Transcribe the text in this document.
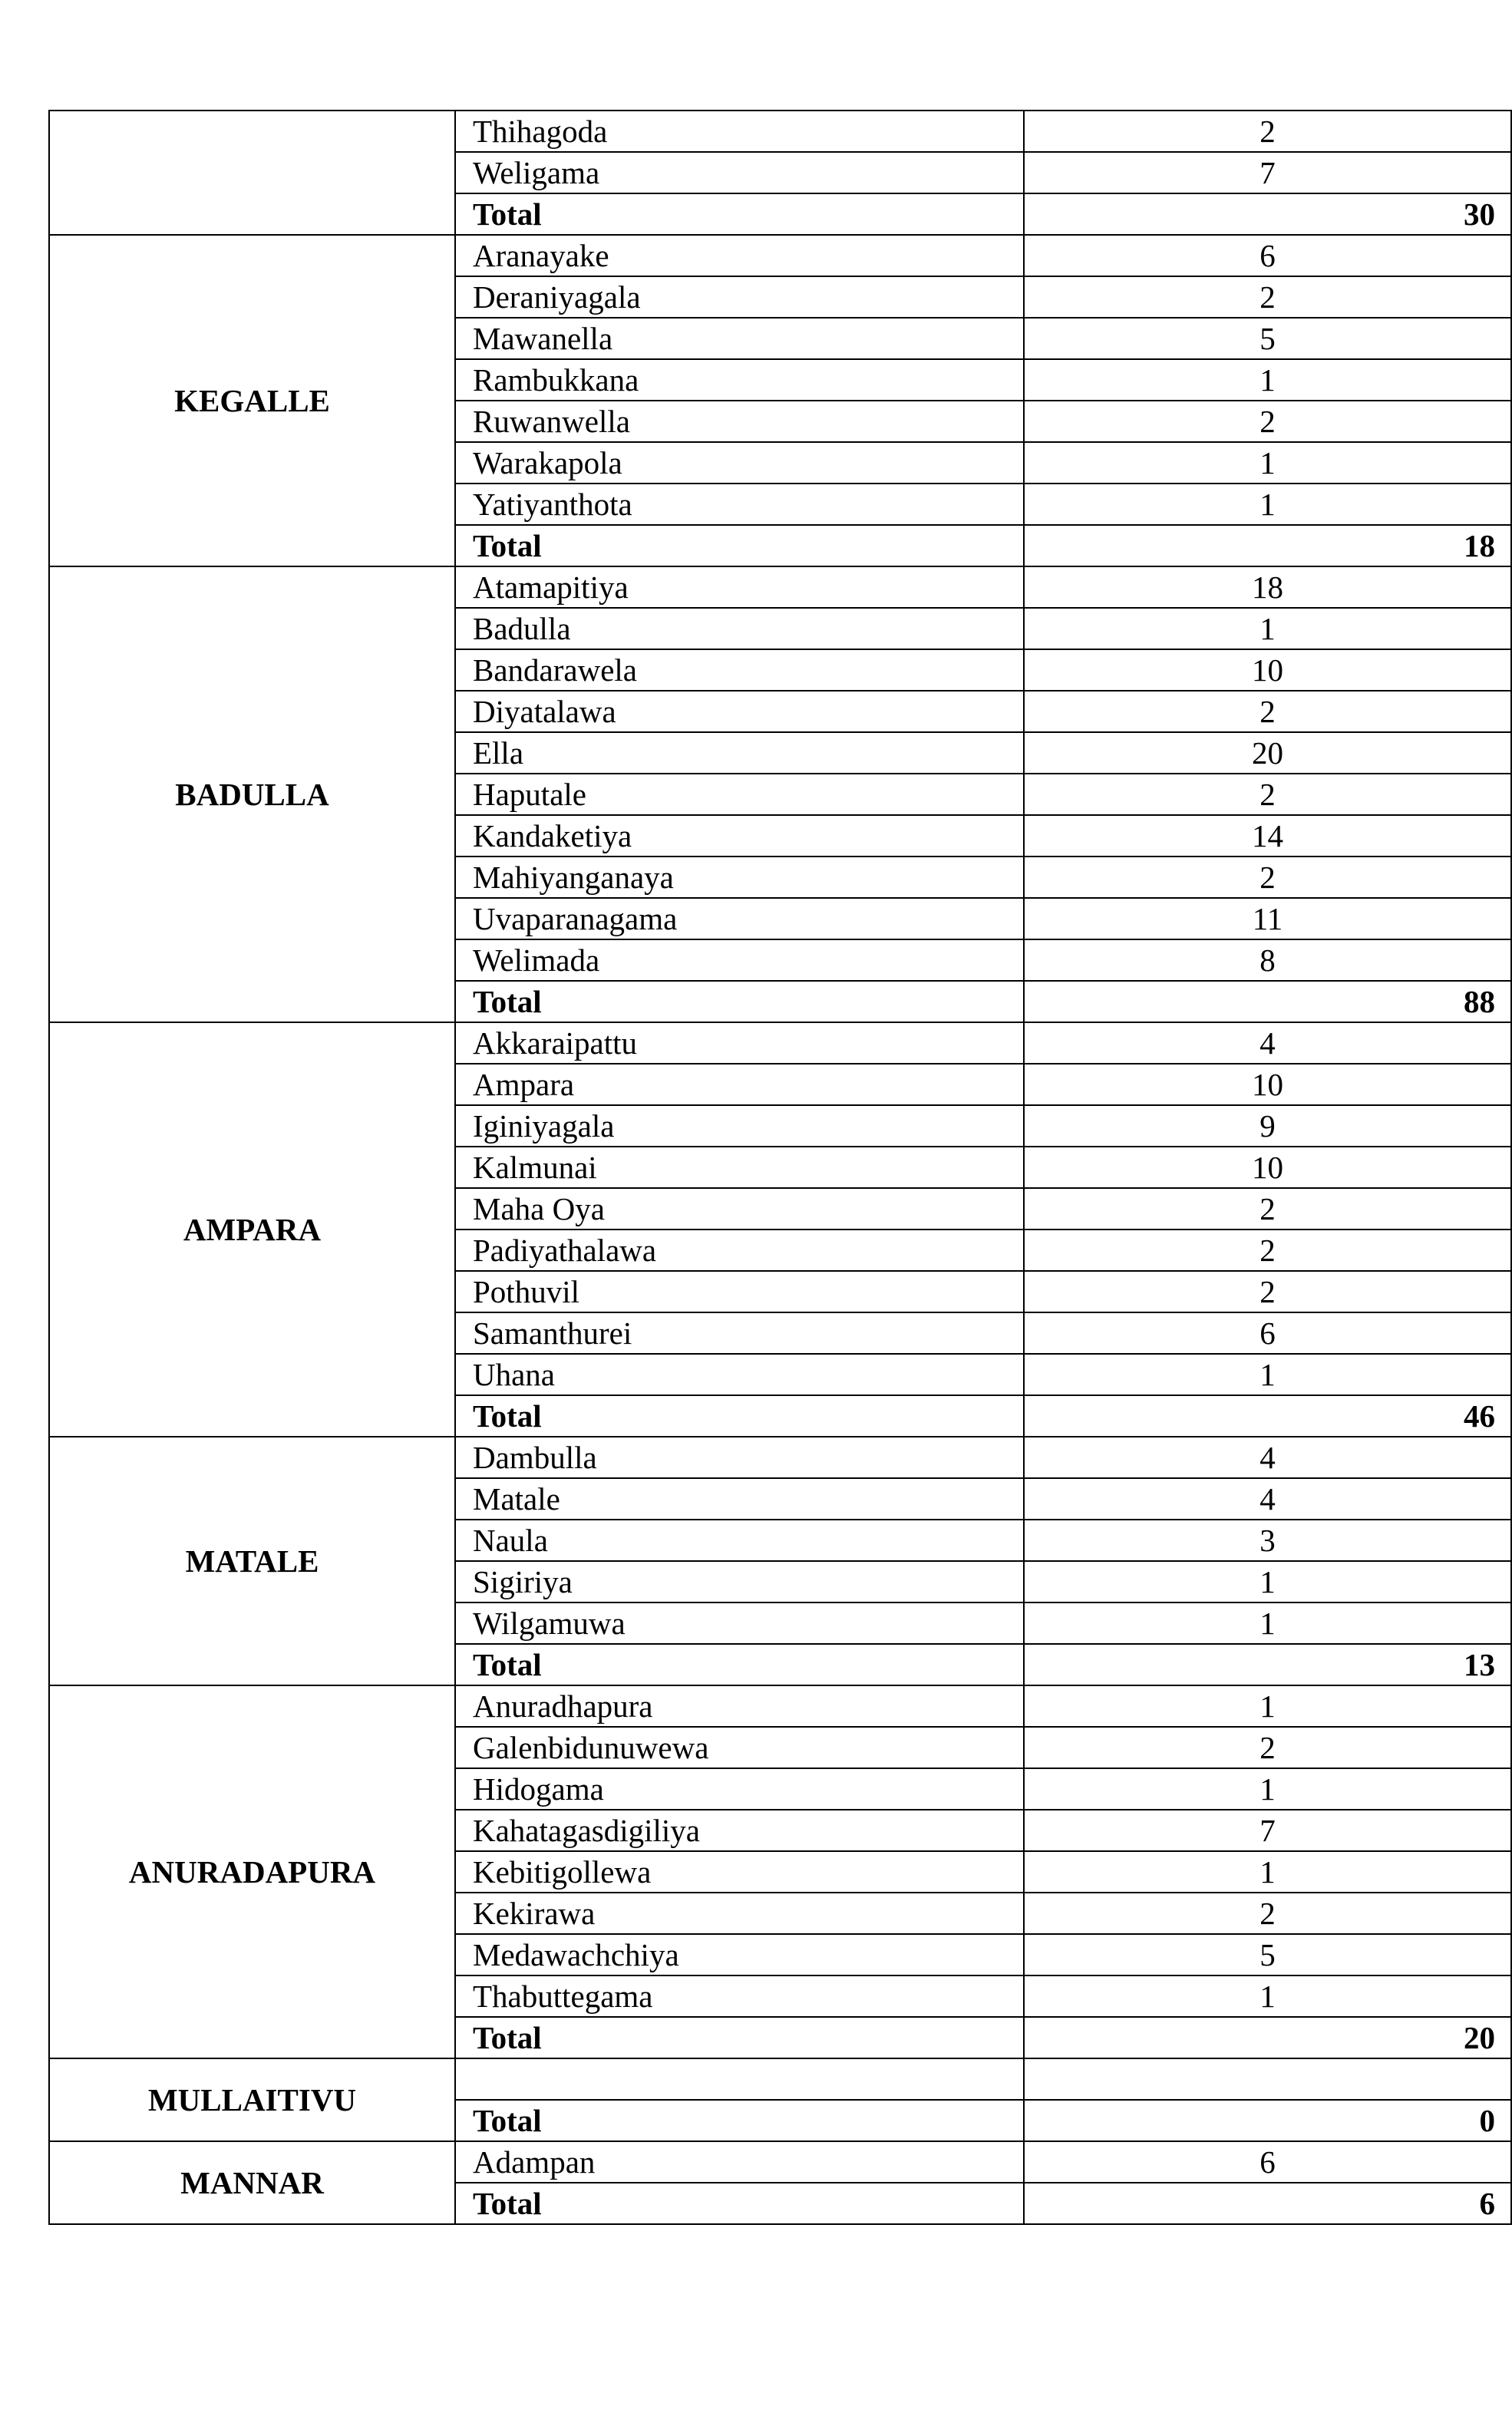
	Thihagoda	2
	Weligama	7
	Total	30
KEGALLE	Aranayake	6
	Deraniyagala	2
	Mawanella	5
	Rambukkana	1
	Ruwanwella	2
	Warakapola	1
	Yatiyanthota	1
	Total	18
BADULLA	Atamapitiya	18
	Badulla	1
	Bandarawela	10
	Diyatalawa	2
	Ella	20
	Haputale	2
	Kandaketiya	14
	Mahiyanganaya	2
	Uvaparanagama	11
	Welimada	8
	Total	88
AMPARA	Akkaraipattu	4
	Ampara	10
	Iginiyagala	9
	Kalmunai	10
	Maha Oya	2
	Padiyathalawa	2
	Pothuvil	2
	Samanthurei	6
	Uhana	1
	Total	46
MATALE	Dambulla	4
	Matale	4
	Naula	3
	Sigiriya	1
	Wilgamuwa	1
	Total	13
ANURADAPURA	Anuradhapura	1
	Galenbidunuwewa	2
	Hidogama	1
	Kahatagasdigiliya	7
	Kebitigollewa	1
	Kekirawa	2
	Medawachchiya	5
	Thabuttegama	1
	Total	20
MULLAITIVU		
	Total	0
MANNAR	Adampan	6
	Total	6
